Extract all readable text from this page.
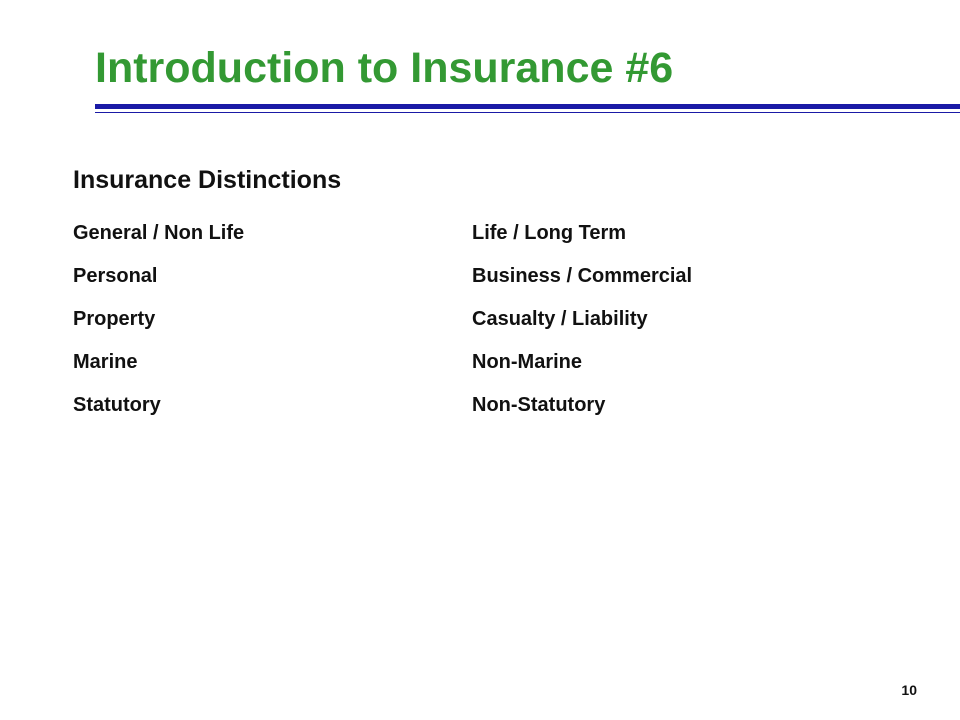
Introduction to Insurance #6
Insurance Distinctions
General / Non Life	Life / Long Term
Personal	Business / Commercial
Property	Casualty / Liability
Marine	Non-Marine
Statutory	Non-Statutory
10
